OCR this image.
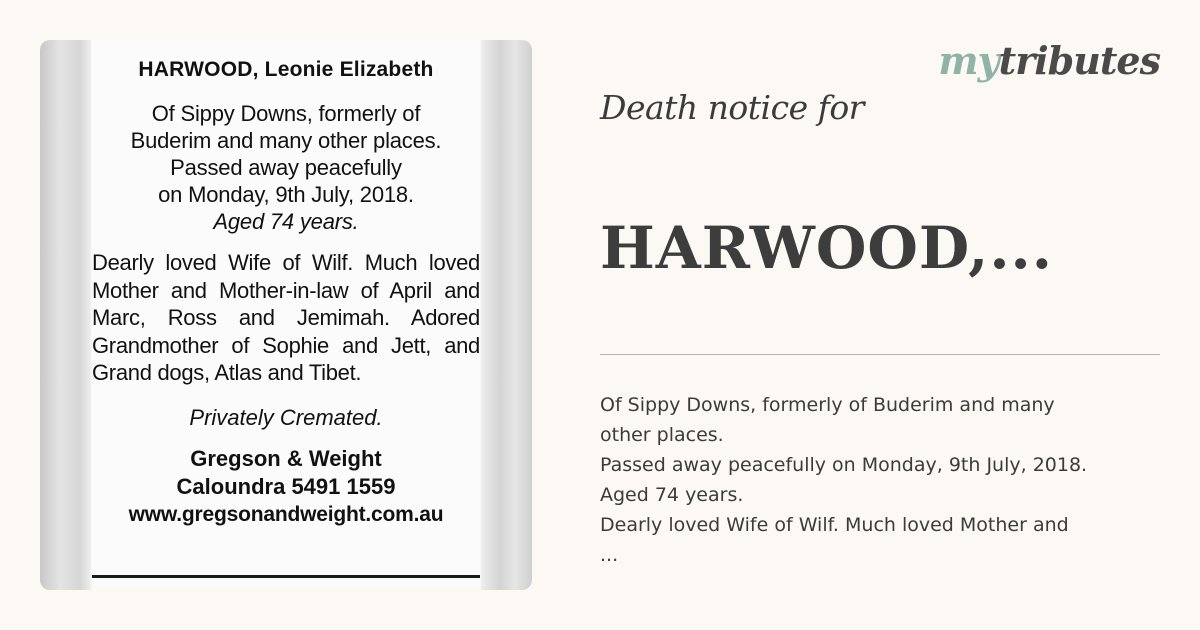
HARWOOD, Leonie Elizabeth
Of Sippy Downs, formerly of
Buderim and many other places.
Passed away peacefully
on Monday, 9th July, 2018.
Aged 74 years.
Dearly loved Wife of Wilf. Much loved Mother and Mother-in-law of April and Marc, Ross and Jemimah. Adored Grandmother of Sophie and Jett, and Grand dogs, Atlas and Tibet.
Privately Cremated.
Gregson & Weight
Caloundra 5491 1559
www.gregsonandweight.com.au
mytributes
Death notice for
HARWOOD,...
Of Sippy Downs, formerly of Buderim and many
other places.
Passed away peacefully on Monday, 9th July, 2018.
Aged 74 years.
Dearly loved Wife of Wilf. Much loved Mother and
...
